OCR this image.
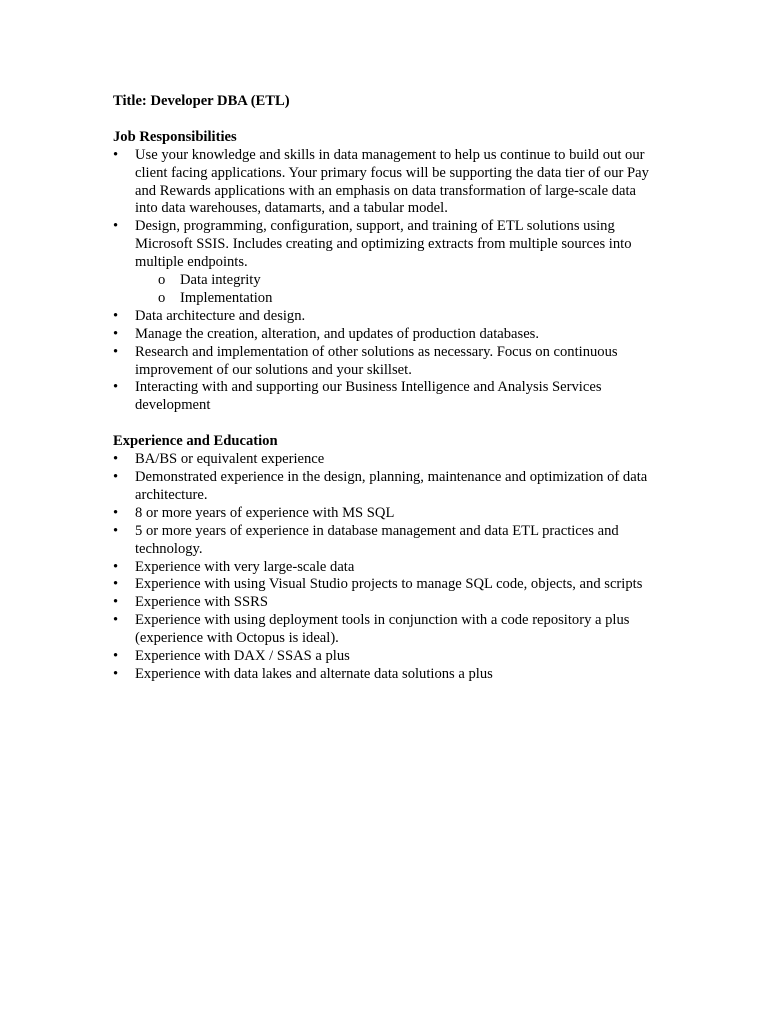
Title: Developer DBA (ETL)

Job Responsibilities

•	Use your knowledge and skills in data management to help us continue to build out our client facing applications. Your primary focus will be supporting the data tier of our Pay and Rewards applications with an emphasis on data transformation of large-scale data into data warehouses, datamarts, and a tabular model.
•	Design, programming, configuration, support, and training of ETL solutions using Microsoft SSIS. Includes creating and optimizing extracts from multiple sources into multiple endpoints.
o Data integrity
o Implementation
•	Data architecture and design.
•	Manage the creation, alteration, and updates of production databases.
•	Research and implementation of other solutions as necessary. Focus on continuous improvement of our solutions and your skillset.
•	Interacting with and supporting our Business Intelligence and Analysis Services development

Experience and Education

•	BA/BS or equivalent experience
•	Demonstrated experience in the design, planning, maintenance and optimization of data architecture.
•	8 or more years of experience with MS SQL
•	5 or more years of experience in database management and data ETL practices and technology.
•	Experience with very large-scale data
•	Experience with using Visual Studio projects to manage SQL code, objects, and scripts
•	Experience with SSRS
•	Experience with using deployment tools in conjunction with a code repository a plus (experience with Octopus is ideal).
•	Experience with DAX / SSAS a plus
•	Experience with data lakes and alternate data solutions a plus
